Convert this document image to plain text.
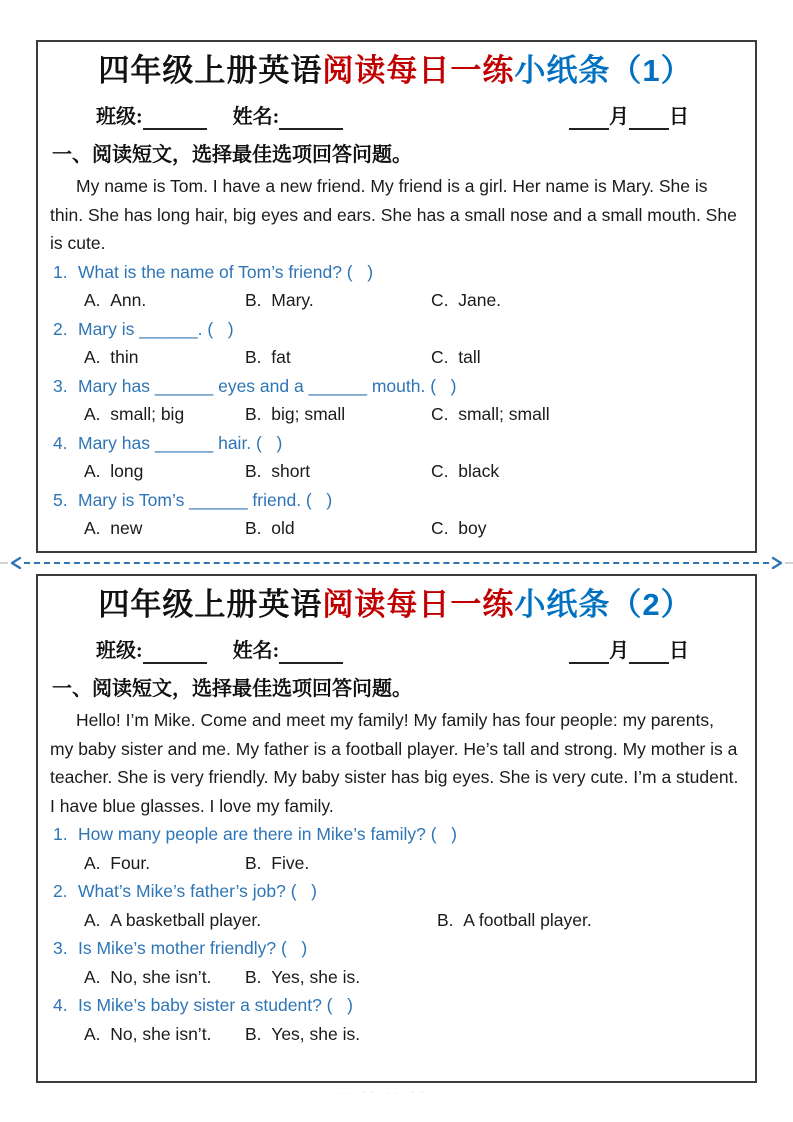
四年级上册英语阅读每日一练小纸条（1）
班级:	姓名:	月 日
一、阅读短文，选择最佳选项回答问题。

My name is Tom. I have a new friend. My friend is a girl. Her name is Mary. She is thin. She has long hair, big eyes and ears. She has a small nose and a small mouth. She is cute.

1. What is the name of Tom’s friend? (   )
A.  Ann.	B.  Mary.	C.  Jane.
2. Mary is ______. (   )
A.  thin	B.  fat	C.  tall
3. Mary has ______ eyes and a ______ mouth. (   )
A.  small; big	B.  big; small	C.  small; small
4. Mary has ______ hair. (   )
A.  long	B.  short	C.  black
5. Mary is Tom’s ______ friend. (   )
A.  new	B.  old	C.  boy
四年级上册英语阅读每日一练小纸条（2）
班级:	姓名:	月 日
一、阅读短文，选择最佳选项回答问题。

Hello! I’m Mike. Come and meet my family! My family has four people: my parents, my baby sister and me. My father is a football player. He’s tall and strong. My mother is a teacher. She is very friendly. My baby sister has big eyes. She is very cute. I’m a student. I have blue glasses. I love my family.

1. How many people are there in Mike’s family? (   )
A.  Four.	B.  Five.
2. What’s Mike’s father’s job? (   )
A.  A basketball player.	B.  A football player.
3. Is Mike’s mother friendly? (   )
A.  No, she isn’t.	B.  Yes, she is.
4. Is Mike’s baby sister a student? (   )
A.  No, she isn’t.	B.  Yes, she is.
·· ⁻⁻ ·· ⁻⁻
